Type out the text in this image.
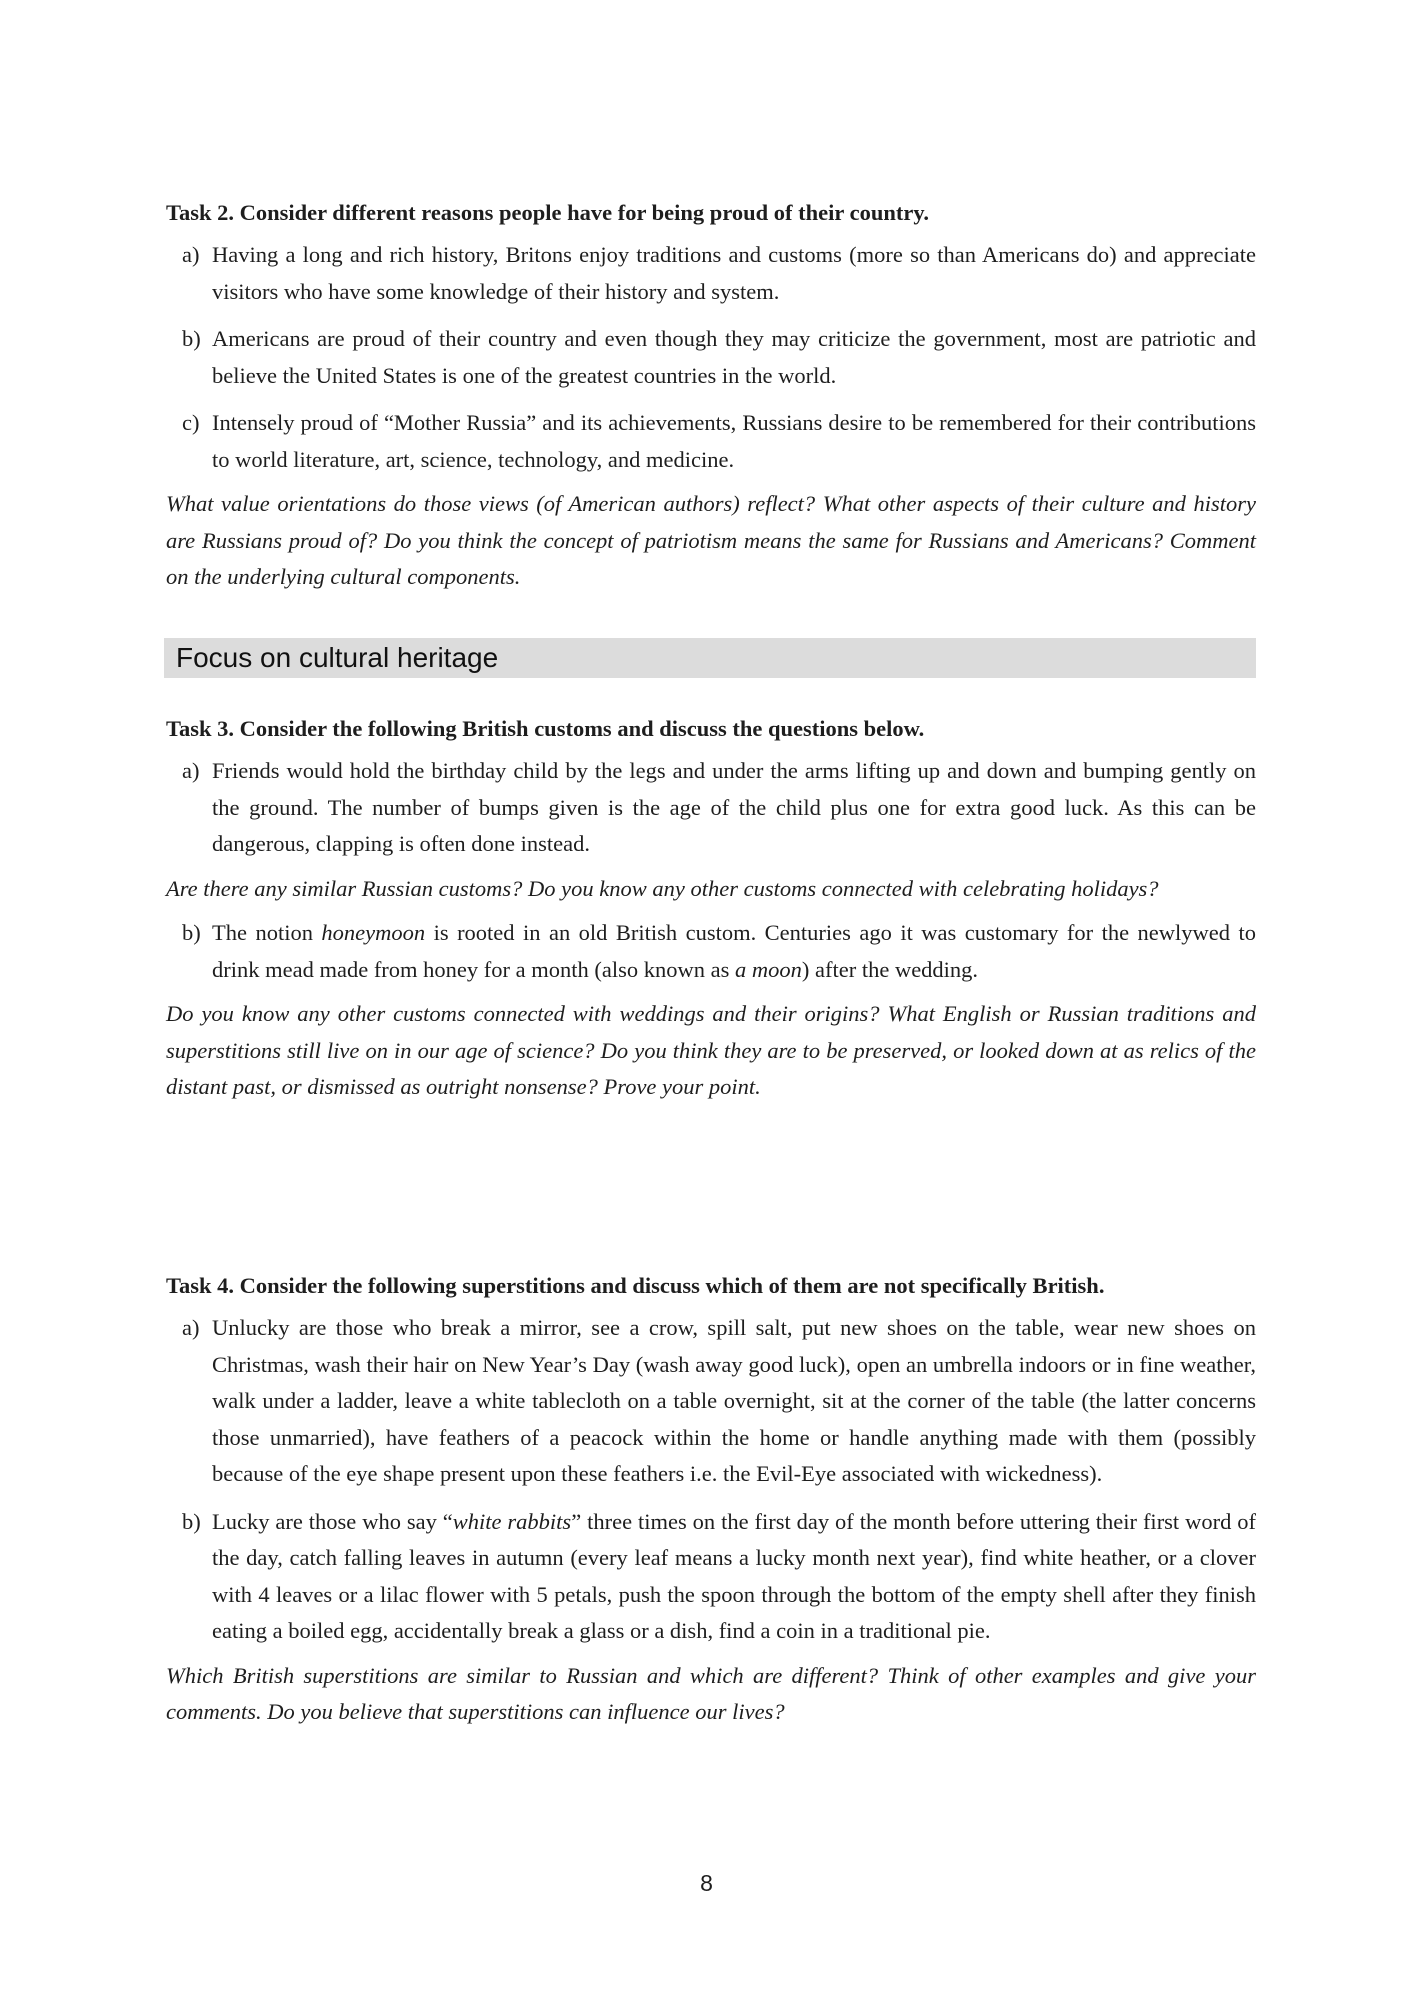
Task 2. Consider different reasons people have for being proud of their country.

a) Having a long and rich history, Britons enjoy traditions and customs (more so than Americans do) and appreciate visitors who have some knowledge of their history and system.

b) Americans are proud of their country and even though they may criticize the government, most are patriotic and believe the United States is one of the greatest countries in the world.

c) Intensely proud of “Mother Russia” and its achievements, Russians desire to be remembered for their contributions to world literature, art, science, technology, and medicine.

What value orientations do those views (of American authors) reflect? What other aspects of their culture and history are Russians proud of? Do you think the concept of patriotism means the same for Russians and Americans? Comment on the underlying cultural components.

Focus on cultural heritage

Task 3. Consider the following British customs and discuss the questions below.

a) Friends would hold the birthday child by the legs and under the arms lifting up and down and bumping gently on the ground. The number of bumps given is the age of the child plus one for extra good luck. As this can be dangerous, clapping is often done instead.

Are there any similar Russian customs? Do you know any other customs connected with celebrating holidays?

b) The notion honeymoon is rooted in an old British custom. Centuries ago it was customary for the newlywed to drink mead made from honey for a month (also known as a moon) after the wedding.

Do you know any other customs connected with weddings and their origins? What English or Russian traditions and superstitions still live on in our age of science? Do you think they are to be preserved, or looked down at as relics of the distant past, or dismissed as outright nonsense? Prove your point.

Task 4. Consider the following superstitions and discuss which of them are not specifically British.

a) Unlucky are those who break a mirror, see a crow, spill salt, put new shoes on the table, wear new shoes on Christmas, wash their hair on New Year’s Day (wash away good luck), open an umbrella indoors or in fine weather, walk under a ladder, leave a white tablecloth on a table overnight, sit at the corner of the table (the latter concerns those unmarried), have feathers of a peacock within the home or handle anything made with them (possibly because of the eye shape present upon these feathers i.e. the Evil-Eye associated with wickedness).

b) Lucky are those who say “white rabbits” three times on the first day of the month before uttering their first word of the day, catch falling leaves in autumn (every leaf means a lucky month next year), find white heather, or a clover with 4 leaves or a lilac flower with 5 petals, push the spoon through the bottom of the empty shell after they finish eating a boiled egg, accidentally break a glass or a dish, find a coin in a traditional pie.

Which British superstitions are similar to Russian and which are different? Think of other examples and give your comments. Do you believe that superstitions can influence our lives?

8
